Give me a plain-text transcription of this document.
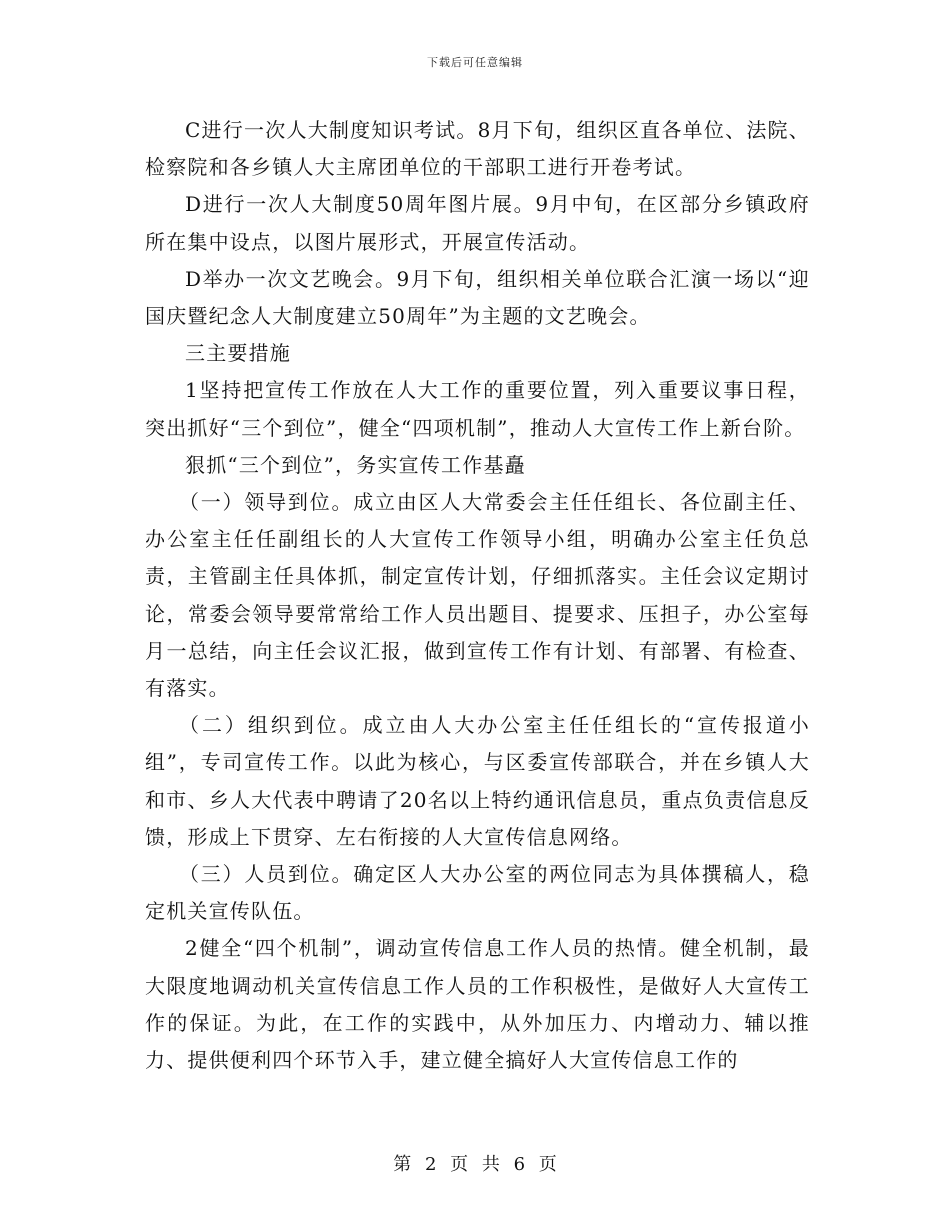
下载后可任意编辑

C进行一次人大制度知识考试。8月下旬，组织区直各单位、法院、检察院和各乡镇人大主席团单位的干部职工进行开卷考试。

D进行一次人大制度50周年图片展。9月中旬，在区部分乡镇政府所在集中设点，以图片展形式，开展宣传活动。

D举办一次文艺晚会。9月下旬，组织相关单位联合汇演一场以“迎国庆暨纪念人大制度建立50周年”为主题的文艺晚会。

三主要措施

1坚持把宣传工作放在人大工作的重要位置，列入重要议事日程，突出抓好“三个到位”，健全“四项机制”，推动人大宣传工作上新台阶。

狠抓“三个到位”，务实宣传工作基矗

（一）领导到位。成立由区人大常委会主任任组长、各位副主任、办公室主任任副组长的人大宣传工作领导小组，明确办公室主任负总责，主管副主任具体抓，制定宣传计划，仔细抓落实。主任会议定期讨论，常委会领导要常常给工作人员出题目、提要求、压担子，办公室每月一总结，向主任会议汇报，做到宣传工作有计划、有部署、有检查、有落实。

（二）组织到位。成立由人大办公室主任任组长的“宣传报道小组”，专司宣传工作。以此为核心，与区委宣传部联合，并在乡镇人大和市、乡人大代表中聘请了20名以上特约通讯信息员，重点负责信息反馈，形成上下贯穿、左右衔接的人大宣传信息网络。

（三）人员到位。确定区人大办公室的两位同志为具体撰稿人，稳定机关宣传队伍。

2健全“四个机制”，调动宣传信息工作人员的热情。健全机制，最大限度地调动机关宣传信息工作人员的工作积极性，是做好人大宣传工作的保证。为此，在工作的实践中，从外加压力、内增动力、辅以推力、提供便利四个环节入手，建立健全搞好人大宣传信息工作的

第 2 页 共 6 页
